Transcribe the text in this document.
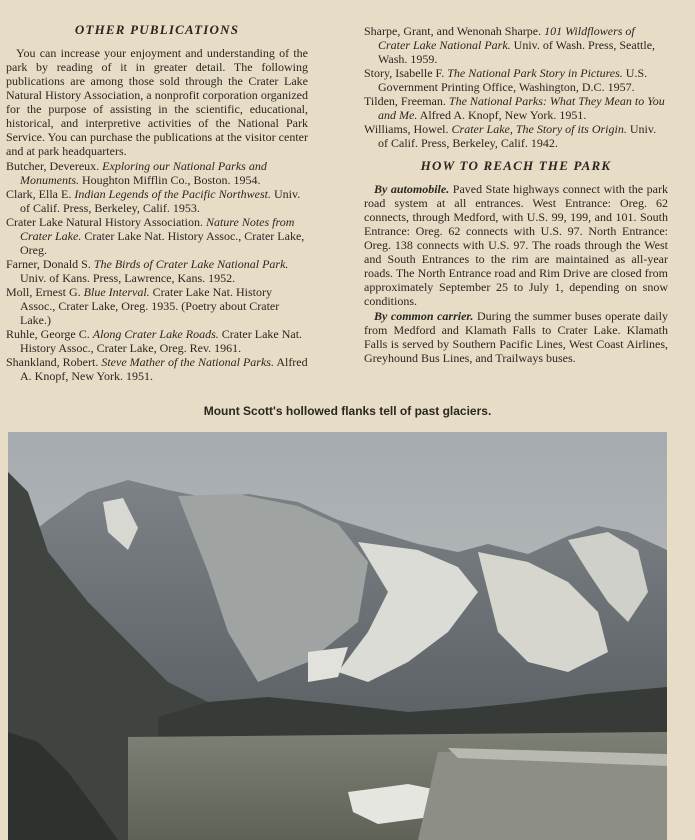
OTHER PUBLICATIONS

You can increase your enjoyment and understanding of the park by reading of it in greater detail. The following publications are among those sold through the Crater Lake Natural History Association, a nonprofit corporation organized for the purpose of assisting in the scientific, educational, historical, and interpretive activities of the National Park Service. You can purchase the publications at the visitor center and at park headquarters.

Butcher, Devereux. Exploring our National Parks and Monuments. Houghton Mifflin Co., Boston. 1954.

Clark, Ella E. Indian Legends of the Pacific Northwest. Univ. of Calif. Press, Berkeley, Calif. 1953.

Crater Lake Natural History Association. Nature Notes from Crater Lake. Crater Lake Nat. History Assoc., Crater Lake, Oreg.

Farner, Donald S. The Birds of Crater Lake National Park. Univ. of Kans. Press, Lawrence, Kans. 1952.

Moll, Ernest G. Blue Interval. Crater Lake Nat. History Assoc., Crater Lake, Oreg. 1935. (Poetry about Crater Lake.)

Ruhle, George C. Along Crater Lake Roads. Crater Lake Nat. History Assoc., Crater Lake, Oreg. Rev. 1961.

Shankland, Robert. Steve Mather of the National Parks. Alfred A. Knopf, New York. 1951.

Sharpe, Grant, and Wenonah Sharpe. 101 Wildflowers of Crater Lake National Park. Univ. of Wash. Press, Seattle, Wash. 1959.

Story, Isabelle F. The National Park Story in Pictures. U.S. Government Printing Office, Washington, D.C. 1957.

Tilden, Freeman. The National Parks: What They Mean to You and Me. Alfred A. Knopf, New York. 1951.

Williams, Howel. Crater Lake, The Story of its Origin. Univ. of Calif. Press, Berkeley, Calif. 1942.

HOW TO REACH THE PARK

By automobile. Paved State highways connect with the park road system at all entrances. West Entrance: Oreg. 62 connects, through Medford, with U.S. 99, 199, and 101. South Entrance: Oreg. 62 connects with U.S. 97. North Entrance: Oreg. 138 connects with U.S. 97. The roads through the West and South Entrances to the rim are maintained as all-year roads. The North Entrance road and Rim Drive are closed from approximately September 25 to July 1, depending on snow conditions.

By common carrier. During the summer buses operate daily from Medford and Klamath Falls to Crater Lake. Klamath Falls is served by Southern Pacific Lines, West Coast Airlines, Greyhound Bus Lines, and Trailways buses.

Mount Scott's hollowed flanks tell of past glaciers.
